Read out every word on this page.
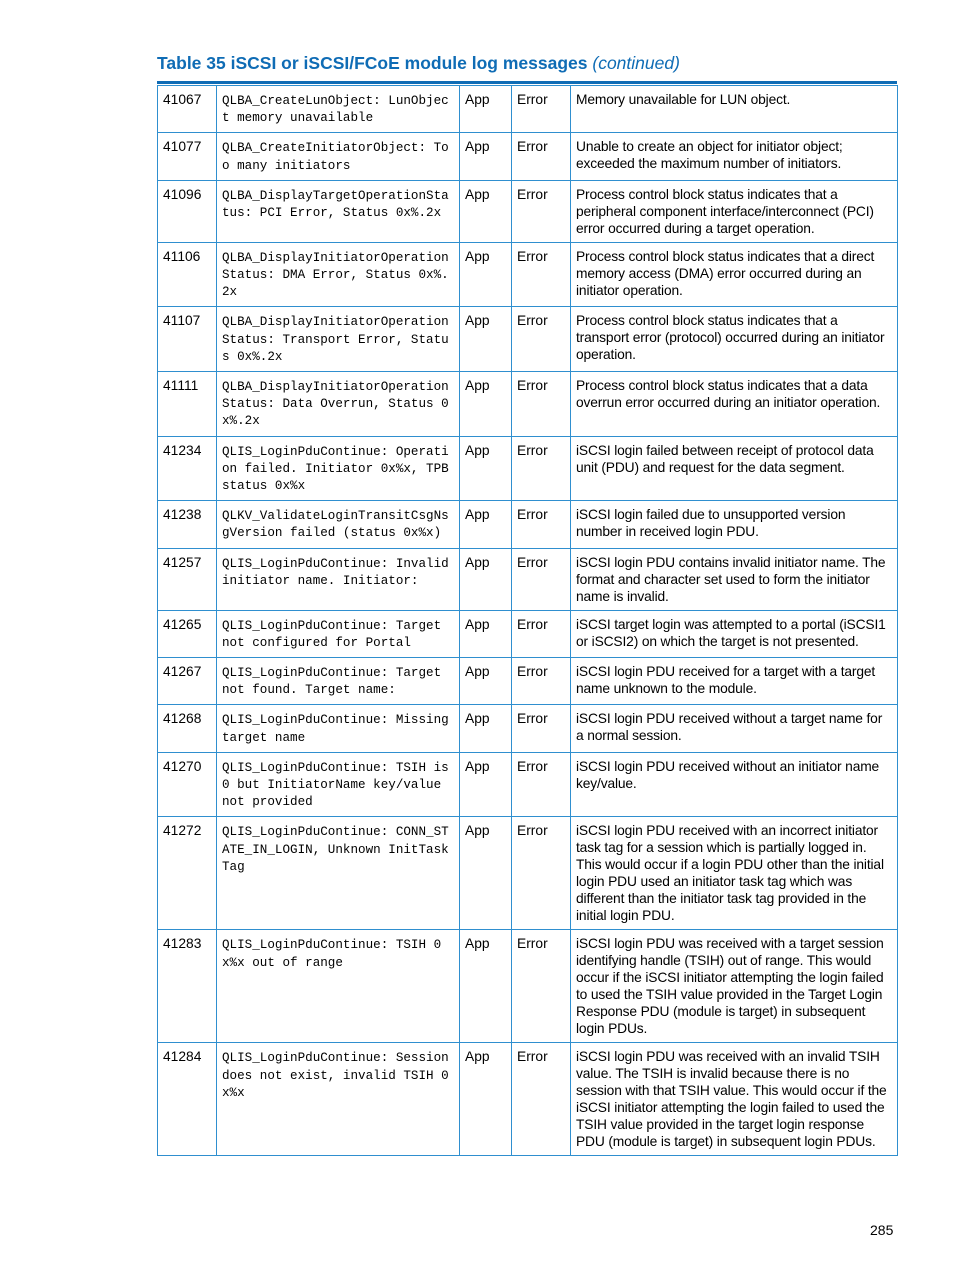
Table 35 iSCSI or iSCSI/FCoE module log messages (continued)
41067	QLBA_CreateLunObject: LunObject memory unavailable	App	Error	Memory unavailable for LUN object.
41077	QLBA_CreateInitiatorObject: Too many initiators	App	Error	Unable to create an object for initiator object; exceeded the maximum number of initiators.
41096	QLBA_DisplayTargetOperationStatus: PCI Error, Status 0x%.2x	App	Error	Process control block status indicates that a peripheral component interface/interconnect (PCI) error occurred during a target operation.
41106	QLBA_DisplayInitiatorOperationStatus: DMA Error, Status 0x%.2x	App	Error	Process control block status indicates that a direct memory access (DMA) error occurred during an initiator operation.
41107	QLBA_DisplayInitiatorOperationStatus: Transport Error, Status 0x%.2x	App	Error	Process control block status indicates that a transport error (protocol) occurred during an initiator operation.
41111	QLBA_DisplayInitiatorOperationStatus: Data Overrun, Status 0x%.2x	App	Error	Process control block status indicates that a data overrun error occurred during an initiator operation.
41234	QLIS_LoginPduContinue: Operation failed. Initiator 0x%x, TPB status 0x%x	App	Error	iSCSI login failed between receipt of protocol data unit (PDU) and request for the data segment.
41238	QLKV_ValidateLoginTransitCsgNsgVersion failed (status 0x%x)	App	Error	iSCSI login failed due to unsupported version number in received login PDU.
41257	QLIS_LoginPduContinue: Invalid initiator name. Initiator:	App	Error	iSCSI login PDU contains invalid initiator name. The format and character set used to form the initiator name is invalid.
41265	QLIS_LoginPduContinue: Target not configured for Portal	App	Error	iSCSI target login was attempted to a portal (iSCSI1 or iSCSI2) on which the target is not presented.
41267	QLIS_LoginPduContinue: Target not found. Target name:	App	Error	iSCSI login PDU received for a target with a target name unknown to the module.
41268	QLIS_LoginPduContinue: Missing target name	App	Error	iSCSI login PDU received without a target name for a normal session.
41270	QLIS_LoginPduContinue: TSIH is 0 but InitiatorName key/value not provided	App	Error	iSCSI login PDU received without an initiator name key/value.
41272	QLIS_LoginPduContinue: CONN_STATE_IN_LOGIN, Unknown InitTaskTag	App	Error	iSCSI login PDU received with an incorrect initiator task tag for a session which is partially logged in. This would occur if a login PDU other than the initial login PDU used an initiator task tag which was different than the initiator task tag provided in the initial login PDU.
41283	QLIS_LoginPduContinue: TSIH 0x%x out of range	App	Error	iSCSI login PDU was received with a target session identifying handle (TSIH) out of range. This would occur if the iSCSI initiator attempting the login failed to used the TSIH value provided in the Target Login Response PDU (module is target) in subsequent login PDUs.
41284	QLIS_LoginPduContinue: Session does not exist, invalid TSIH 0x%x	App	Error	iSCSI login PDU was received with an invalid TSIH value. The TSIH is invalid because there is no session with that TSIH value. This would occur if the iSCSI initiator attempting the login failed to used the TSIH value provided in the target login response PDU (module is target) in subsequent login PDUs.
285
